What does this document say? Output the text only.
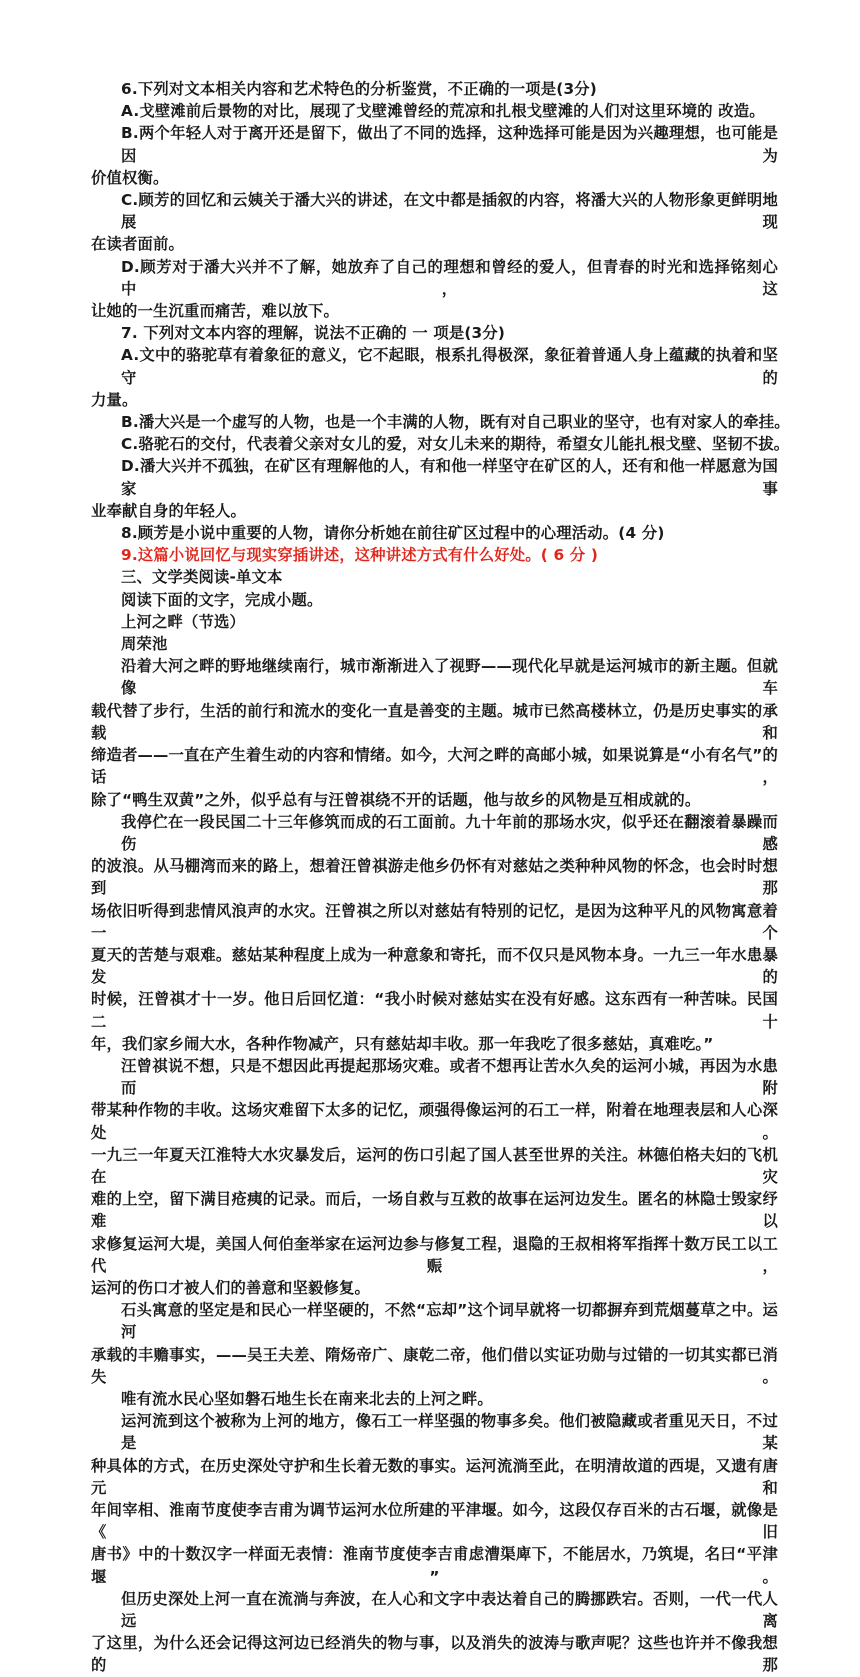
6.下列对文本相关内容和艺术特色的分析鉴赏，不正确的一项是(3分)
A.戈壁滩前后景物的对比，展现了戈壁滩曾经的荒凉和扎根戈壁滩的人们对这里环境的 改造。
B.两个年轻人对于离开还是留下，做出了不同的选择，这种选择可能是因为兴趣理想，也可能是因为
价值权衡。
C.顾芳的回忆和云姨关于潘大兴的讲述，在文中都是插叙的内容，将潘大兴的人物形象更鲜明地展现
在读者面前。
D.顾芳对于潘大兴并不了解，她放弃了自己的理想和曾经的爱人，但青春的时光和选择铭刻心中，这
让她的一生沉重而痛苦，难以放下。
7. 下列对文本内容的理解，说法不正确的 一 项是(3分)
A.文中的骆驼草有着象征的意义，它不起眼，根系扎得极深，象征着普通人身上蕴藏的执着和坚守的
力量。
B.潘大兴是一个虚写的人物，也是一个丰满的人物，既有对自己职业的坚守，也有对家人的牵挂。
C.骆驼石的交付，代表着父亲对女儿的爱，对女儿未来的期待，希望女儿能扎根戈壁、坚韧不拔。
D.潘大兴并不孤独，在矿区有理解他的人，有和他一样坚守在矿区的人，还有和他一样愿意为国家事
业奉献自身的年轻人。
8.顾芳是小说中重要的人物，请你分析她在前往矿区过程中的心理活动。(4 分)
9.这篇小说回忆与现实穿插讲述，这种讲述方式有什么好处。( 6 分 )
三、文学类阅读-单文本
阅读下面的文字，完成小题。
上河之畔（节选）
周荣池
沿着大河之畔的野地继续南行，城市渐渐进入了视野——现代化早就是运河城市的新主题。但就像车
载代替了步行，生活的前行和流水的变化一直是善变的主题。城市已然高楼林立，仍是历史事实的承载和
缔造者——一直在产生着生动的内容和情绪。如今，大河之畔的高邮小城，如果说算是“小有名气”的话，
除了“鸭生双黄”之外，似乎总有与汪曾祺绕不开的话题，他与故乡的风物是互相成就的。
我停伫在一段民国二十三年修筑而成的石工面前。九十年前的那场水灾，似乎还在翻滚着暴躁而伤感
的波浪。从马棚湾而来的路上，想着汪曾祺游走他乡仍怀有对慈姑之类种种风物的怀念，也会时时想到那
场依旧听得到悲情风浪声的水灾。汪曾祺之所以对慈姑有特别的记忆，是因为这种平凡的风物寓意着一个
夏天的苦楚与艰难。慈姑某种程度上成为一种意象和寄托，而不仅只是风物本身。一九三一年水患暴发的
时候，汪曾祺才十一岁。他日后回忆道：“我小时候对慈姑实在没有好感。这东西有一种苦味。民国二十
年，我们家乡闹大水，各种作物减产，只有慈姑却丰收。那一年我吃了很多慈姑，真难吃。”
汪曾祺说不想，只是不想因此再提起那场灾难。或者不想再让苦水久矣的运河小城，再因为水患而附
带某种作物的丰收。这场灾难留下太多的记忆，顽强得像运河的石工一样，附着在地理表层和人心深处。
一九三一年夏天江淮特大水灾暴发后，运河的伤口引起了国人甚至世界的关注。林德伯格夫妇的飞机在灾
难的上空，留下满目疮痍的记录。而后，一场自救与互救的故事在运河边发生。匿名的林隐士毁家纾难以
求修复运河大堤，美国人何伯奎举家在运河边参与修复工程，退隐的王叔相将军指挥十数万民工以工代赈，
运河的伤口才被人们的善意和坚毅修复。
石头寓意的坚定是和民心一样坚硬的，不然“忘却”这个词早就将一切都摒弃到荒烟蔓草之中。运河
承载的丰赡事实，——吴王夫差、隋炀帝广、康乾二帝，他们借以实证功勋与过错的一切其实都已消失。
唯有流水民心坚如磐石地生长在南来北去的上河之畔。
运河流到这个被称为上河的地方，像石工一样坚强的物事多矣。他们被隐藏或者重见天日，不过是某
种具体的方式，在历史深处守护和生长着无数的事实。运河流淌至此，在明清故道的西堤，又遗有唐元和
年间宰相、淮南节度使李吉甫为调节运河水位所建的平津堰。如今，这段仅存百米的古石堰，就像是《旧
唐书》中的十数汉字一样面无表情：淮南节度使李吉甫虑漕渠庳下，不能居水，乃筑堤，名曰“平津堰”。
但历史深处上河一直在流淌与奔波，在人心和文字中表达着自己的腾挪跌宕。否则，一代一代人远离
了这里，为什么还会记得这河边已经消失的物与事，以及消失的波涛与歌声呢？这些也许并不像我想的那
